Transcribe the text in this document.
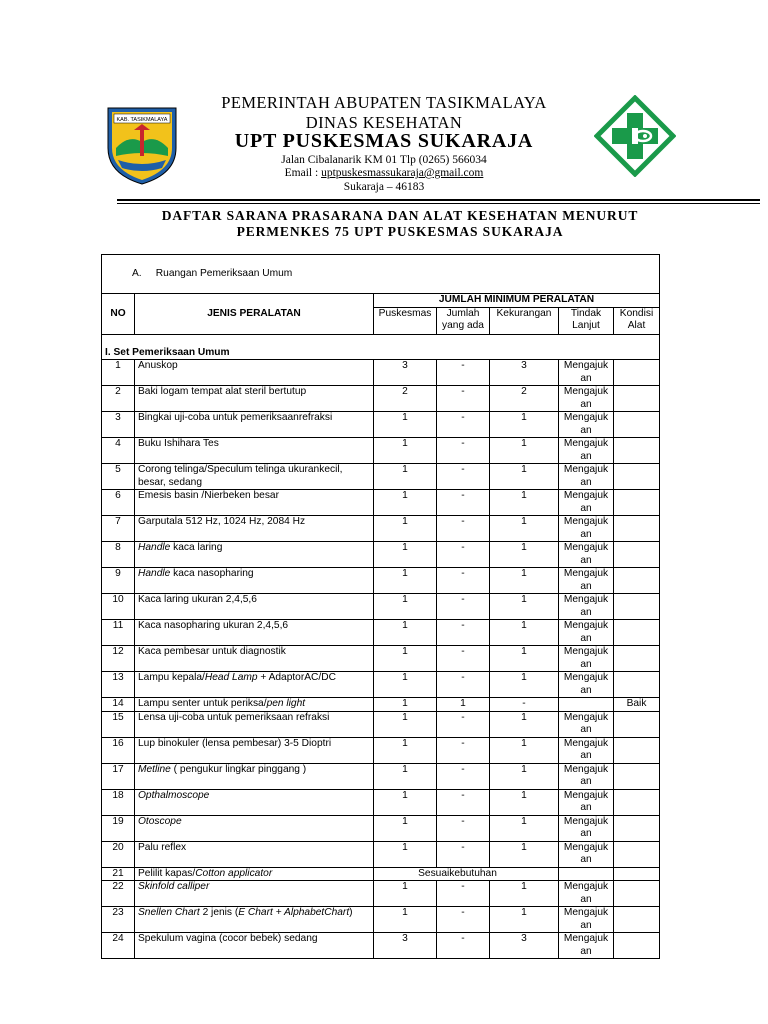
KAB. TASIKMALAYA
PEMERINTAH ABUPATEN TASIKMALAYA
DINAS KESEHATAN
UPT PUSKESMAS SUKARAJA
Jalan Cibalanarik KM 01 Tlp (0265) 566034
Email : uptpuskesmassukaraja@gmail.com
Sukaraja – 46183
DAFTAR SARANA PRASARANA DAN ALAT KESEHATAN MENURUT
PERMENKES 75 UPT PUSKESMAS SUKARAJA
A. Ruangan Pemeriksaan Umum						
NO	JENIS PERALATAN	JUMLAH MINIMUM PERALATAN				
		Puskesmas	Jumlah yang ada	Kekurangan	Tindak Lanjut	Kondisi Alat

I. Set Pemeriksaan Umum						
1	Anuskop	3	-	3	Mengajuk an	
2	Baki logam tempat alat steril bertutup	2	-	2	Mengajuk an	
3	Bingkai uji-coba untuk pemeriksaanrefraksi	1	-	1	Mengajuk an	
4	Buku Ishihara Tes	1	-	1	Mengajuk an	
5	Corong telinga/Speculum telinga ukurankecil, besar, sedang	1	-	1	Mengajuk an	
6	Emesis basin /Nierbeken besar	1	-	1	Mengajuk an	
7	Garputala 512 Hz, 1024 Hz, 2084 Hz	1	-	1	Mengajuk an	
8	Handle kaca laring	1	-	1	Mengajuk an	
9	Handle kaca nasopharing	1	-	1	Mengajuk an	
10	Kaca laring ukuran 2,4,5,6	1	-	1	Mengajuk an	
11	Kaca nasopharing ukuran 2,4,5,6	1	-	1	Mengajuk an	
12	Kaca pembesar untuk diagnostik	1	-	1	Mengajuk an	
13	Lampu kepala/Head Lamp + AdaptorAC/DC	1	-	1	Mengajuk an	
14	Lampu senter untuk periksa/pen light	1	1	-		Baik
15	Lensa uji-coba untuk pemeriksaan refraksi	1	-	1	Mengajuk an	
16	Lup binokuler (lensa pembesar) 3-5 Dioptri	1	-	1	Mengajuk an	
17	Metline ( pengukur lingkar pinggang )	1	-	1	Mengajuk an	
18	Opthalmoscope	1	-	1	Mengajuk an	
19	Otoscope	1	-	1	Mengajuk an	
20	Palu reflex	1	-	1	Mengajuk an	
21	Pelilit kapas/Cotton applicator	Sesuaikebutuhan				
22	Skinfold calliper	1	-	1	Mengajuk an	
23	Snellen Chart 2 jenis (E Chart + AlphabetChart)	1	-	1	Mengajuk an	
24	Spekulum vagina (cocor bebek) sedang	3	-	3	Mengajuk an	
